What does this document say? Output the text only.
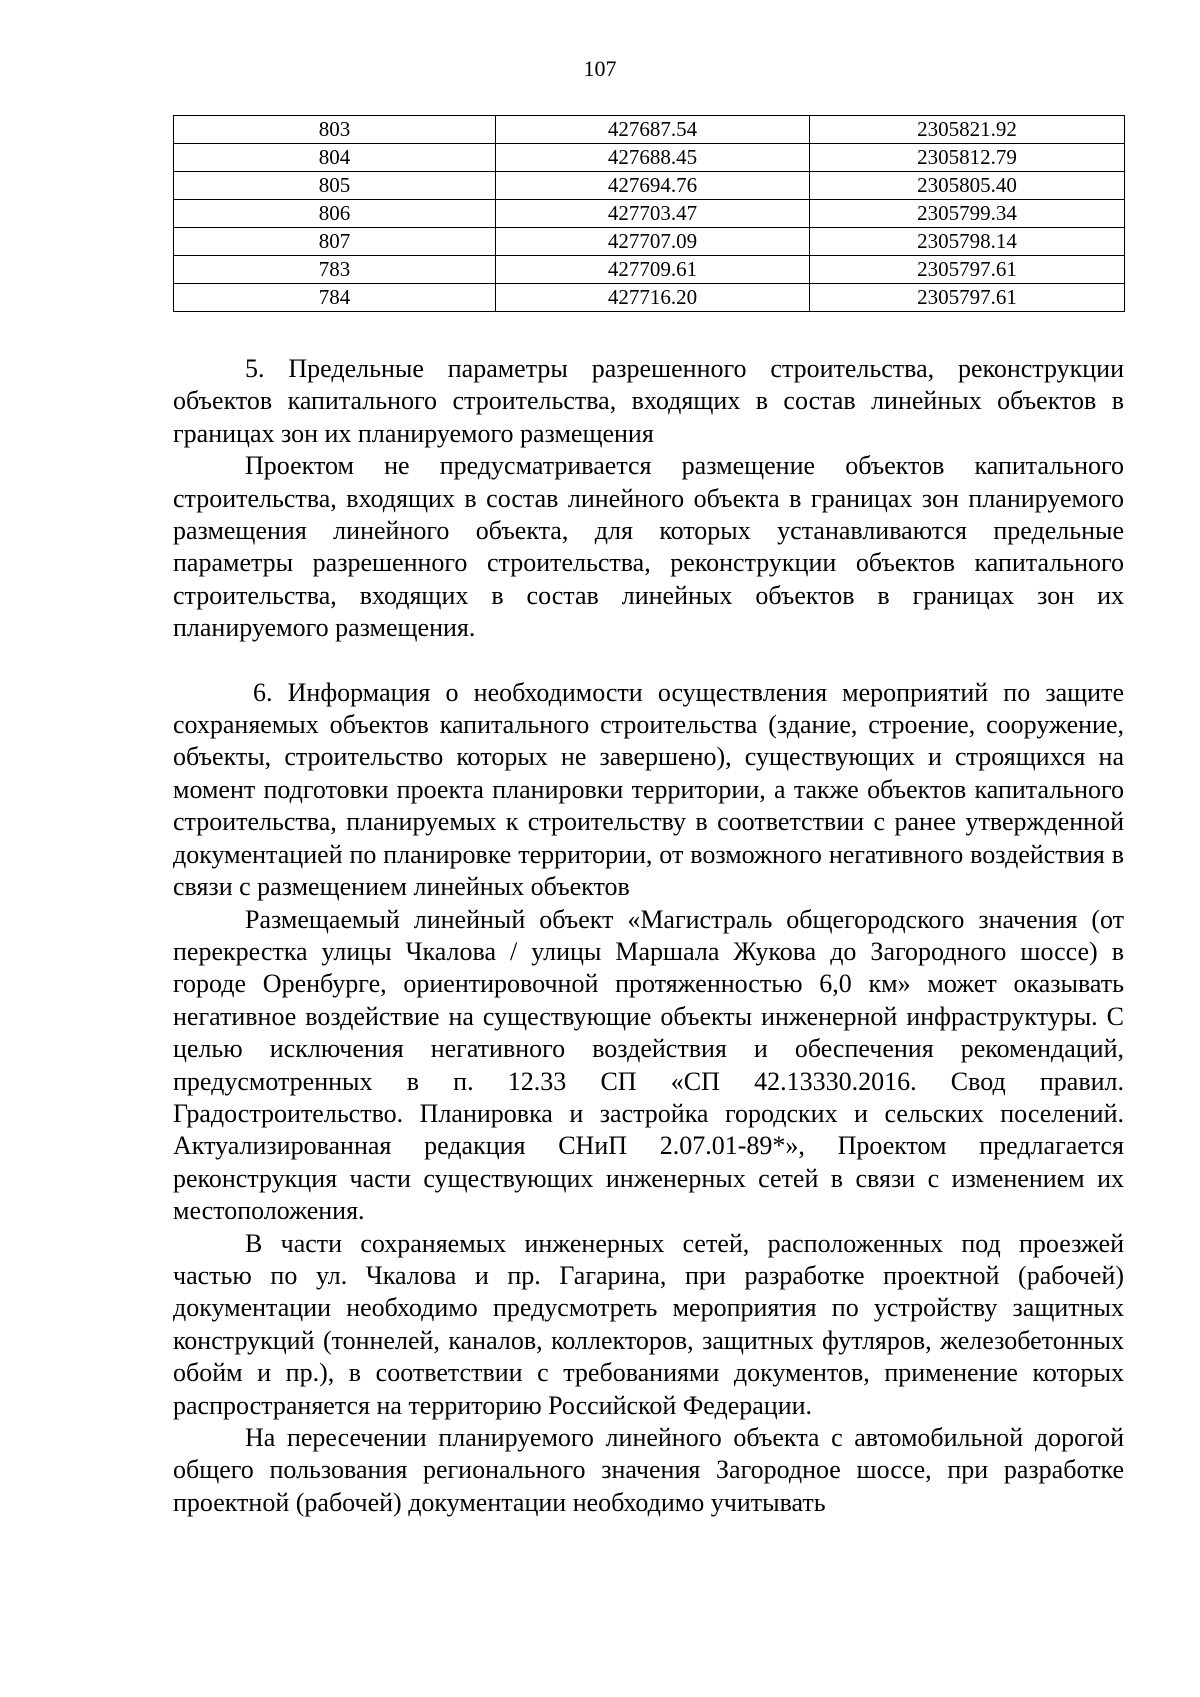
107
803	427687.54	2305821.92
804	427688.45	2305812.79
805	427694.76	2305805.40
806	427703.47	2305799.34
807	427707.09	2305798.14
783	427709.61	2305797.61
784	427716.20	2305797.61

5. Предельные параметры разрешенного строительства, реконструкции объектов капитального строительства, входящих в состав линейных объектов в границах зон их планируемого размещения

Проектом не предусматривается размещение объектов капитального строительства, входящих в состав линейного объекта в границах зон планируемого размещения линейного объекта, для которых устанавливаются предельные параметры разрешенного строительства, реконструкции объектов капитального строительства, входящих в состав линейных объектов в границах зон их планируемого размещения.

6. Информация о необходимости осуществления мероприятий по защите сохраняемых объектов капитального строительства (здание, строение, сооружение, объекты, строительство которых не завершено), существующих и строящихся на момент подготовки проекта планировки территории, а также объектов капитального строительства, планируемых к строительству в соответствии с ранее утвержденной документацией по планировке территории, от возможного негативного воздействия в связи с размещением линейных объектов

Размещаемый линейный объект «Магистраль общегородского значения (от перекрестка улицы Чкалова / улицы Маршала Жукова до Загородного шоссе) в городе Оренбурге, ориентировочной протяженностью 6,0 км» может оказывать негативное воздействие на существующие объекты инженерной инфраструктуры. С целью исключения негативного воздействия и обеспечения рекомендаций, предусмотренных в п. 12.33 СП «СП 42.13330.2016. Свод правил. Градостроительство. Планировка и застройка городских и сельских поселений. Актуализированная редакция СНиП 2.07.01-89*», Проектом предлагается реконструкция части существующих инженерных сетей в связи с изменением их местоположения.

В части сохраняемых инженерных сетей, расположенных под проезжей частью по ул. Чкалова и пр. Гагарина, при разработке проектной (рабочей) документации необходимо предусмотреть мероприятия по устройству защитных конструкций (тоннелей, каналов, коллекторов, защитных футляров, железобетонных обойм и пр.), в соответствии с требованиями документов, применение которых распространяется на территорию Российской Федерации.

На пересечении планируемого линейного объекта с автомобильной дорогой общего пользования регионального значения Загородное шоссе, при разработке проектной (рабочей) документации необходимо учитывать
